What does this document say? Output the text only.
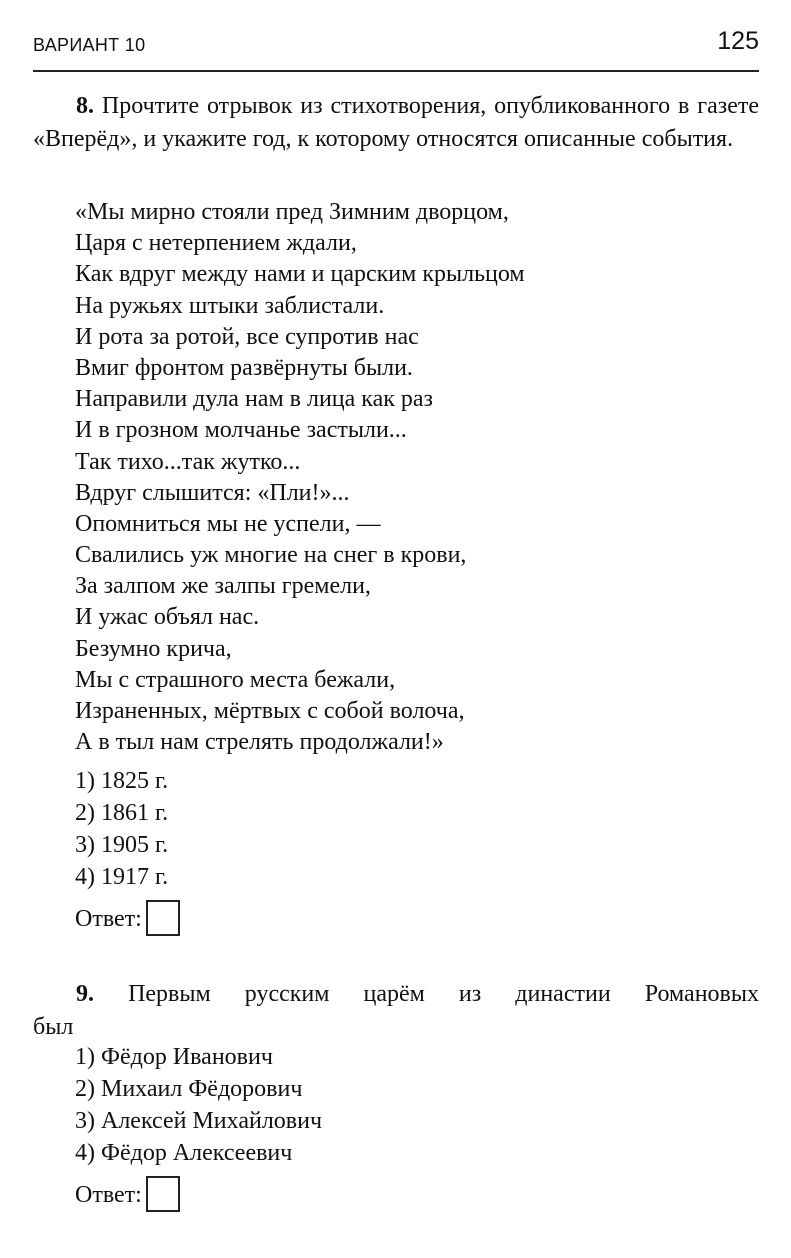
ВАРИАНТ 10	125
8. Прочтите отрывок из стихотворения, опубликованного в газете «Вперёд», и укажите год, к которому относятся описанные события.
«Мы мирно стояли пред Зимним дворцом,
Царя с нетерпением ждали,
Как вдруг между нами и царским крыльцом
На ружьях штыки заблистали.
И рота за ротой, все супротив нас
Вмиг фронтом развёрнуты были.
Направили дула нам в лица как раз
И в грозном молчанье застыли...
Так тихо...так жутко...
Вдруг слышится: «Пли!»...
Опомниться мы не успели, —
Свалились уж многие на снег в крови,
За залпом же залпы гремели,
И ужас объял нас.
Безумно крича,
Мы с страшного места бежали,
Израненных, мёртвых с собой волоча,
А в тыл нам стрелять продолжали!»
1) 1825 г.
2) 1861 г.
3) 1905 г.
4) 1917 г.
Ответ:
9. Первым русским царём из династии Романовых
был
1) Фёдор Иванович
2) Михаил Фёдорович
3) Алексей Михайлович
4) Фёдор Алексеевич
Ответ:
